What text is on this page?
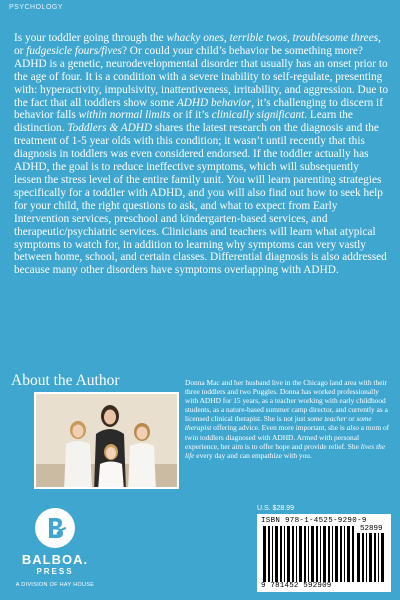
PSYCHOLOGY
Is your toddler going through the whacky ones, terrible twos, troublesome threes, or fudgesicle fours/fives? Or could your child’s behavior be something more? ADHD is a genetic, neurodevelopmental disorder that usually has an onset prior to the age of four. It is a condition with a severe inability to self-regulate, presenting with: hyperactivity, impulsivity, inattentiveness, irritability, and aggression. Due to the fact that all toddlers show some ADHD behavior, it’s challenging to discern if behavior falls within normal limits or if it’s clinically significant. Learn the distinction. Toddlers & ADHD shares the latest research on the diagnosis and the treatment of 1-5 year olds with this condition; it wasn’t until recently that this diagnosis in toddlers was even considered endorsed. If the toddler actually has ADHD, the goal is to reduce ineffective symptoms, which will subsequently lessen the stress level of the entire family unit. You will learn parenting strategies specifically for a toddler with ADHD, and you will also find out how to seek help for your child, the right questions to ask, and what to expect from Early Intervention services, preschool and kindergarten-based services, and therapeutic/psychiatric services. Clinicians and teachers will learn what atypical symptoms to watch for, in addition to learning why symptoms can very vastly between home, school, and certain classes. Differential diagnosis is also addressed because many other disorders have symptoms overlapping with ADHD.
About the Author	Donna Mac and her husband live in the Chicago land area with their three toddlers and two Puggles. Donna has worked professionally with ADHD for 15 years, as a teacher working with early childhood students, as a nature-based summer camp director, and currently as a licensed clinical therapist. She is not just some teacher or some therapist offering advice. Even more important, she is also a mom of twin toddlers diagnosed with ADHD. Armed with personal experience, her aim is to offer hope and provide relief. She lives the life every day and can empathize with you.
BALBOA.
PRESS
A DIVISION OF HAY HOUSE
U.S. $28.99
ISBN 978-1-4525-9290-9
52899
9 781452 592909
